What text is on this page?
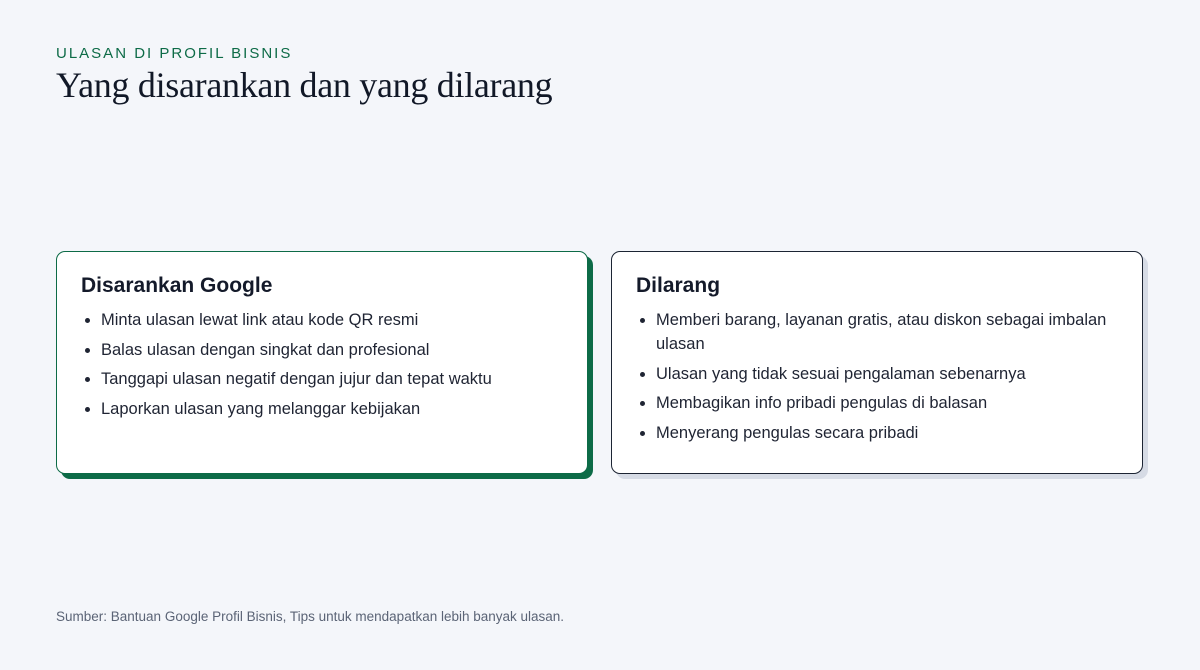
ULASAN DI PROFIL BISNIS
Yang disarankan dan yang dilarang
Disarankan Google
• Minta ulasan lewat link atau kode QR resmi
• Balas ulasan dengan singkat dan profesional
• Tanggapi ulasan negatif dengan jujur dan tepat waktu
• Laporkan ulasan yang melanggar kebijakan
Dilarang
• Memberi barang, layanan gratis, atau diskon sebagai imbalan ulasan
• Ulasan yang tidak sesuai pengalaman sebenarnya
• Membagikan info pribadi pengulas di balasan
• Menyerang pengulas secara pribadi
Sumber: Bantuan Google Profil Bisnis, Tips untuk mendapatkan lebih banyak ulasan.
